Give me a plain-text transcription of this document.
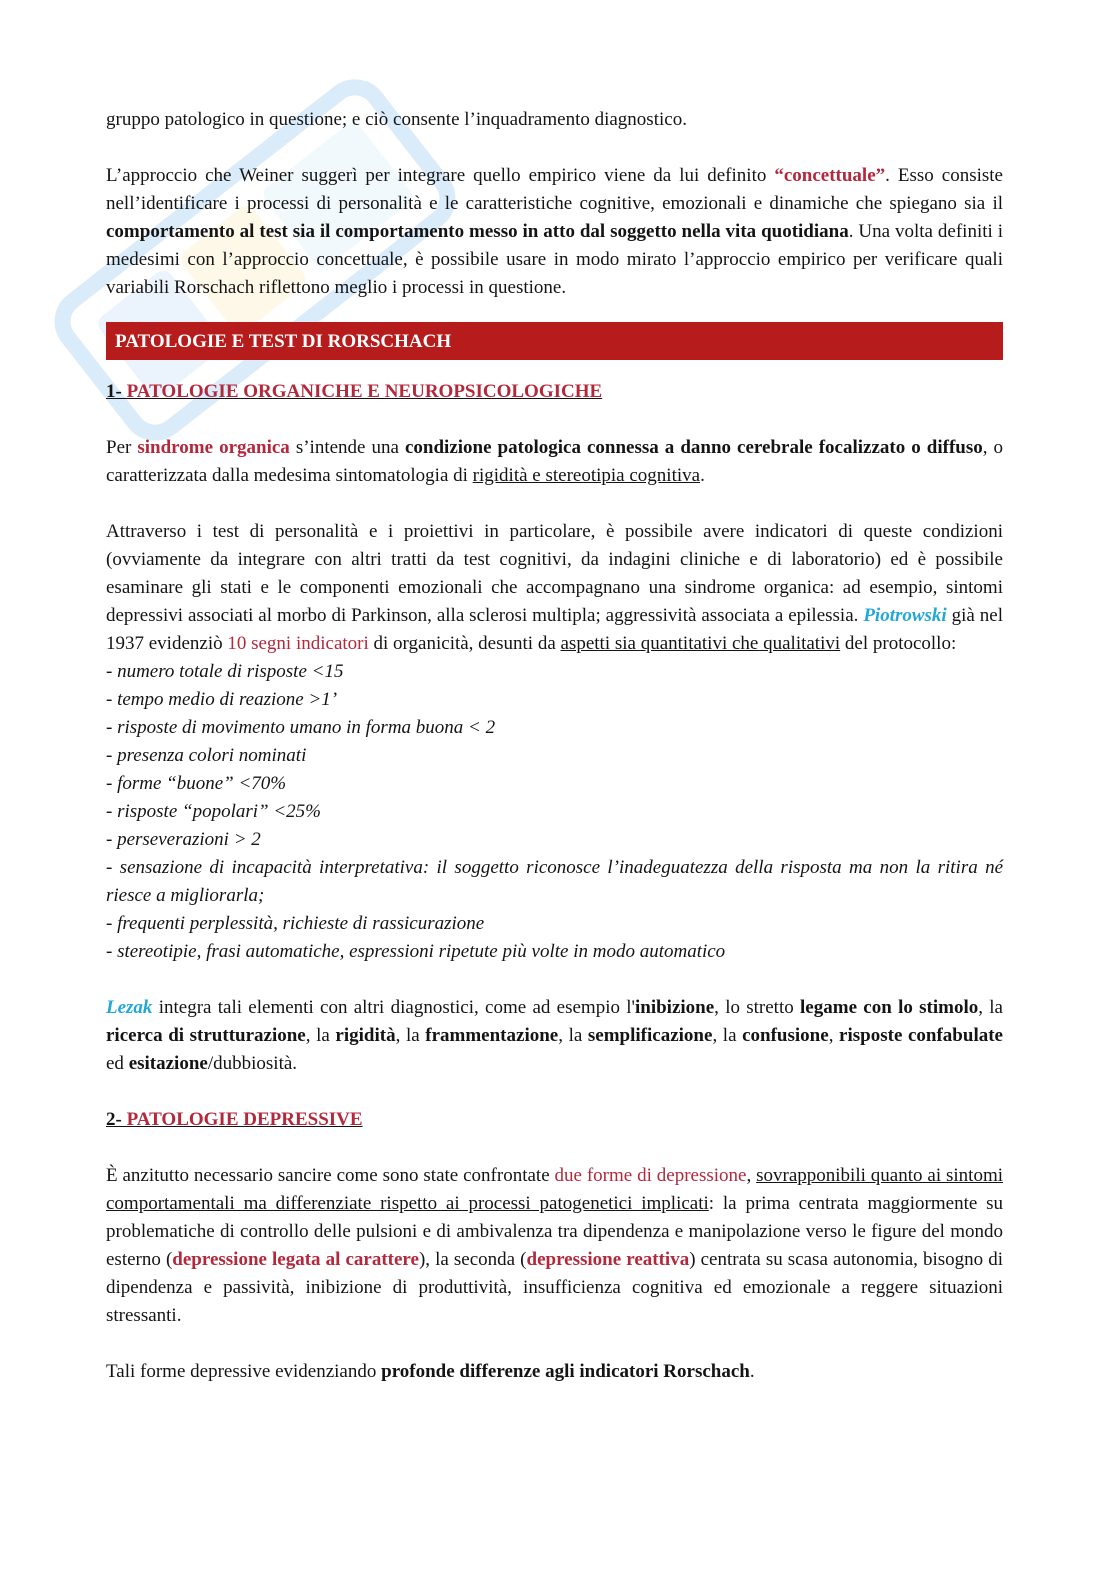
gruppo patologico in questione; e ciò consente l’inquadramento diagnostico.

L’approccio che Weiner suggerì per integrare quello empirico viene da lui definito “concettuale”. Esso consiste nell’identificare i processi di personalità e le caratteristiche cognitive, emozionali e dinamiche che spiegano sia il comportamento al test sia il comportamento messo in atto dal soggetto nella vita quotidiana. Una volta definiti i medesimi con l’approccio concettuale, è possibile usare in modo mirato l’approccio empirico per verificare quali variabili Rorschach riflettono meglio i processi in questione.

PATOLOGIE E TEST DI RORSCHACH

1- PATOLOGIE ORGANICHE E NEUROPSICOLOGICHE

Per sindrome organica s’intende una condizione patologica connessa a danno cerebrale focalizzato o diffuso, o caratterizzata dalla medesima sintomatologia di rigidità e stereotipia cognitiva.

Attraverso i test di personalità e i proiettivi in particolare, è possibile avere indicatori di queste condizioni (ovviamente da integrare con altri tratti da test cognitivi, da indagini cliniche e di laboratorio) ed è possibile esaminare gli stati e le componenti emozionali che accompagnano una sindrome organica: ad esempio, sintomi depressivi associati al morbo di Parkinson, alla sclerosi multipla; aggressività associata a epilessia. Piotrowski già nel 1937 evidenziò 10 segni indicatori di organicità, desunti da aspetti sia quantitativi che qualitativi del protocollo:

- numero totale di risposte <15
- tempo medio di reazione >1’
- risposte di movimento umano in forma buona < 2
- presenza colori nominati
- forme “buone” <70%
- risposte “popolari” <25%
- perseverazioni > 2
- sensazione di incapacità interpretativa: il soggetto riconosce l’inadeguatezza della risposta ma non la ritira né riesce a migliorarla;
- frequenti perplessità, richieste di rassicurazione
- stereotipie, frasi automatiche, espressioni ripetute più volte in modo automatico

Lezak integra tali elementi con altri diagnostici, come ad esempio l'inibizione, lo stretto legame con lo stimolo, la ricerca di strutturazione, la rigidità, la frammentazione, la semplificazione, la confusione, risposte confabulate ed esitazione/dubbiosità.

2- PATOLOGIE DEPRESSIVE

È anzitutto necessario sancire come sono state confrontate due forme di depressione, sovrapponibili quanto ai sintomi comportamentali ma differenziate rispetto ai processi patogenetici implicati: la prima centrata maggiormente su problematiche di controllo delle pulsioni e di ambivalenza tra dipendenza e manipolazione verso le figure del mondo esterno (depressione legata al carattere), la seconda (depressione reattiva) centrata su scasa autonomia, bisogno di dipendenza e passività, inibizione di produttività, insufficienza cognitiva ed emozionale a reggere situazioni stressanti.

Tali forme depressive evidenziando profonde differenze agli indicatori Rorschach.
